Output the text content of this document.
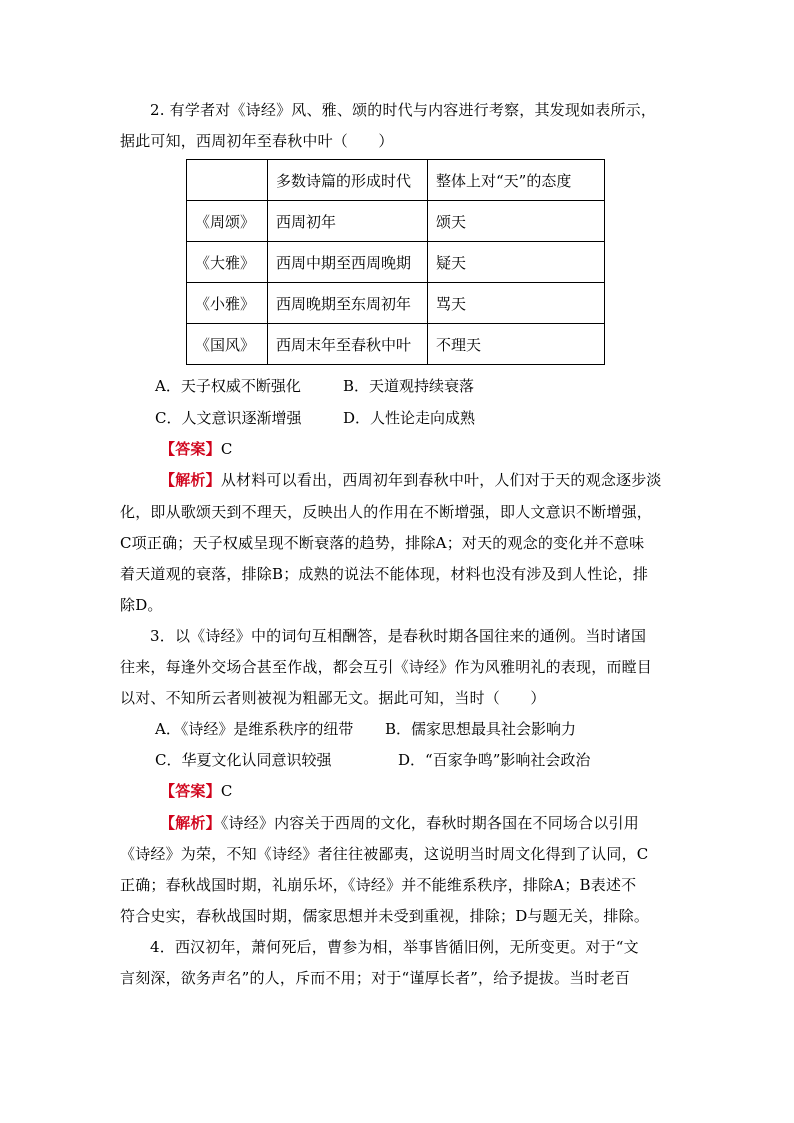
2. 有学者对《诗经》风、雅、颂的时代与内容进行考察，其发现如表所示，
据此可知，西周初年至春秋中叶（　　）
	多数诗篇的形成时代	整体上对“天”的态度
《周颂》	西周初年	颂天
《大雅》	西周中期至西周晚期	疑天
《小雅》	西周晚期至东周初年	骂天
《国风》	西周末年至春秋中叶	不理天
A．天子权威不断强化	B．天道观持续衰落
C．人文意识逐渐增强	D．人性论走向成熟
【答案】C
【解析】从材料可以看出，西周初年到春秋中叶，人们对于天的观念逐步淡
化，即从歌颂天到不理天，反映出人的作用在不断增强，即人文意识不断增强，
C项正确；天子权威呈现不断衰落的趋势，排除A；对天的观念的变化并不意味
着天道观的衰落，排除B；成熟的说法不能体现，材料也没有涉及到人性论，排
除D。
3．以《诗经》中的词句互相酬答，是春秋时期各国往来的通例。当时诸国
往来，每逢外交场合甚至作战，都会互引《诗经》作为风雅明礼的表现，而瞠目
以对、不知所云者则被视为粗鄙无文。据此可知，当时（　　）
A．《诗经》是维系秩序的纽带 B．儒家思想最具社会影响力
C．华夏文化认同意识较强	D．“百家争鸣”影响社会政治
【答案】C
【解析】《诗经》内容关于西周的文化，春秋时期各国在不同场合以引用
《诗经》为荣，不知《诗经》者往往被鄙夷，这说明当时周文化得到了认同，C
正确；春秋战国时期，礼崩乐坏，《诗经》并不能维系秩序，排除A；B表述不
符合史实，春秋战国时期，儒家思想并未受到重视，排除；D与题无关，排除。
4．西汉初年，萧何死后，曹参为相，举事皆循旧例，无所变更。对于“文
言刻深，欲务声名”的人，斥而不用；对于“谨厚长者”，给予提拔。当时老百
